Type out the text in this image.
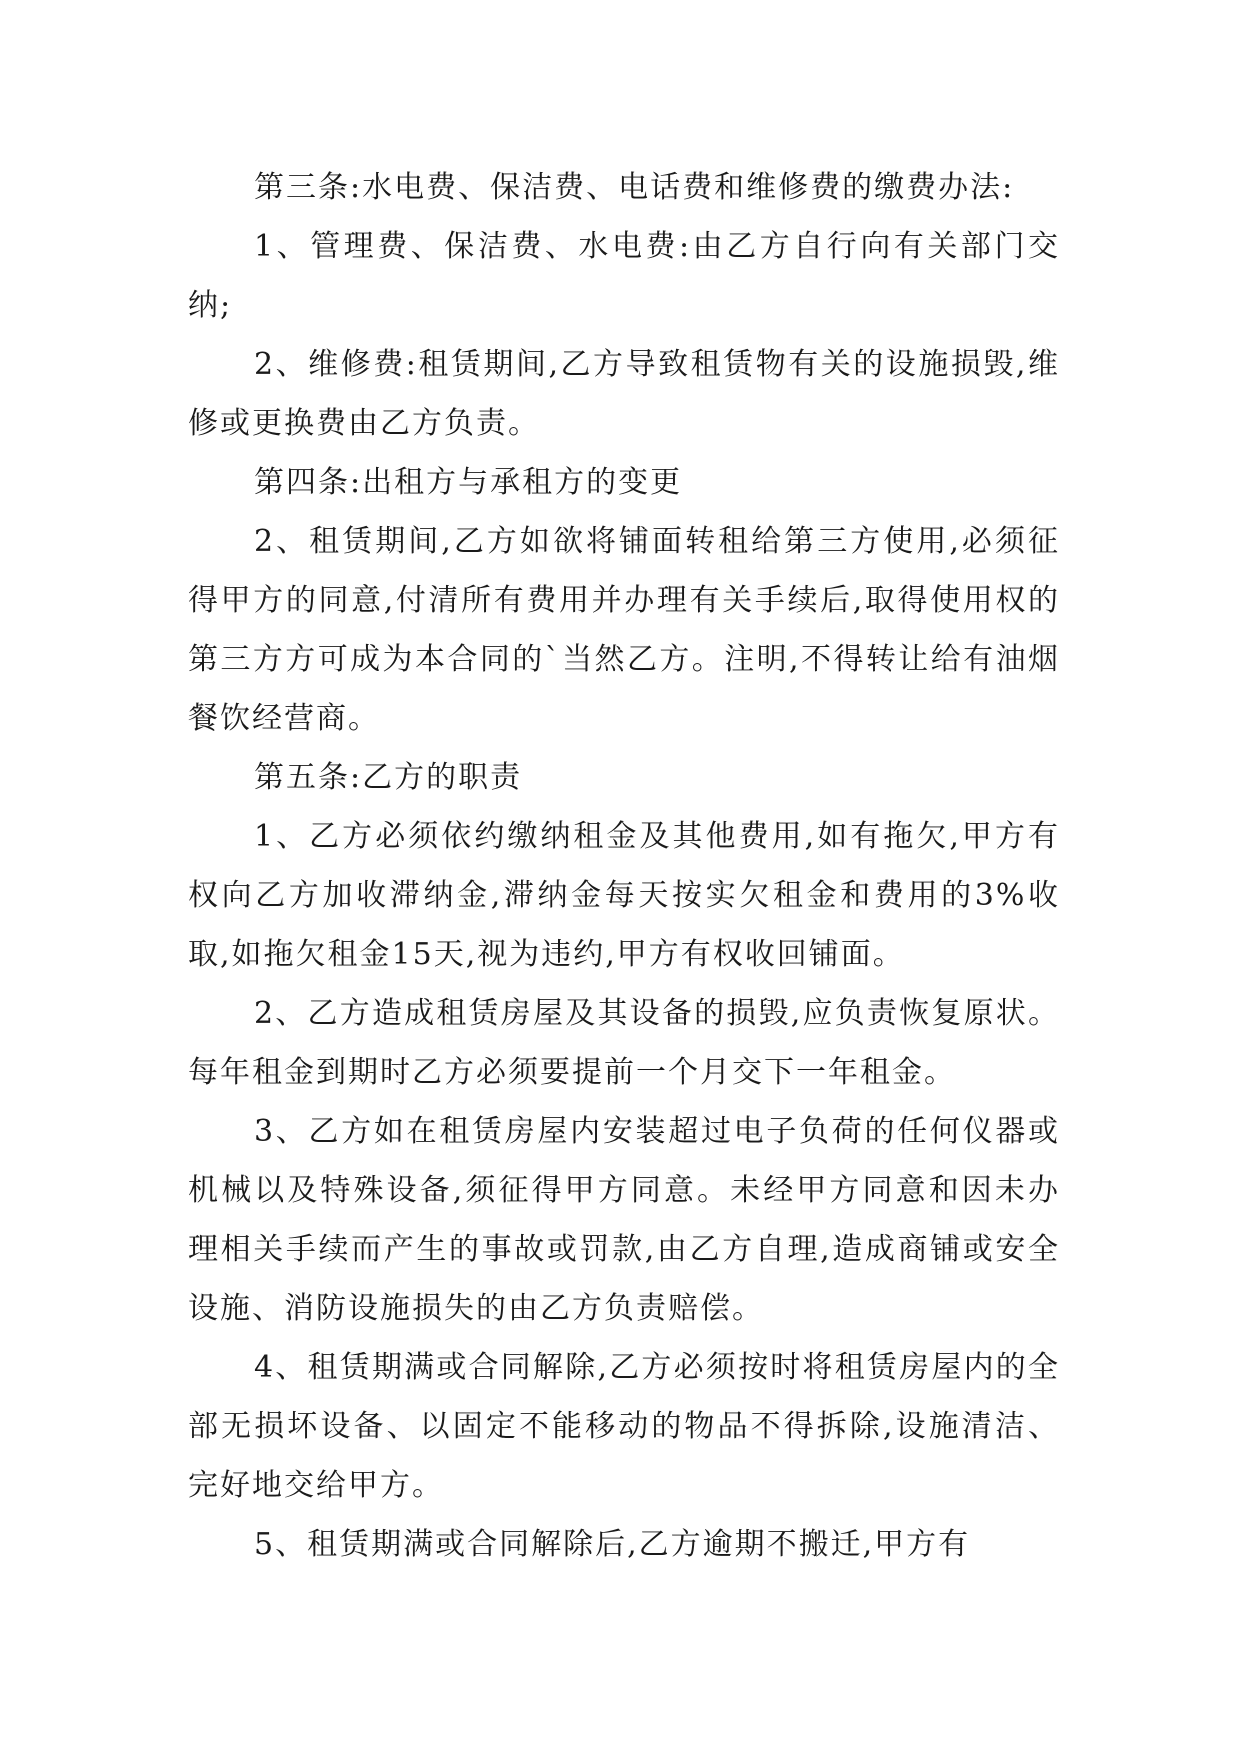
第三条:水电费、保洁费、电话费和维修费的缴费办法:

1、管理费、保洁费、水电费:由乙方自行向有关部门交纳;

2、维修费:租赁期间,乙方导致租赁物有关的设施损毁,维修或更换费由乙方负责。

第四条:出租方与承租方的变更

2、租赁期间,乙方如欲将铺面转租给第三方使用,必须征得甲方的同意,付清所有费用并办理有关手续后,取得使用权的第三方方可成为本合同的`当然乙方。注明,不得转让给有油烟餐饮经营商。

第五条:乙方的职责

1、乙方必须依约缴纳租金及其他费用,如有拖欠,甲方有权向乙方加收滞纳金,滞纳金每天按实欠租金和费用的3%收取,如拖欠租金15天,视为违约,甲方有权收回铺面。

2、乙方造成租赁房屋及其设备的损毁,应负责恢复原状。每年租金到期时乙方必须要提前一个月交下一年租金。

3、乙方如在租赁房屋内安装超过电子负荷的任何仪器或机械以及特殊设备,须征得甲方同意。未经甲方同意和因未办理相关手续而产生的事故或罚款,由乙方自理,造成商铺或安全设施、消防设施损失的由乙方负责赔偿。

4、租赁期满或合同解除,乙方必须按时将租赁房屋内的全部无损坏设备、以固定不能移动的物品不得拆除,设施清洁、完好地交给甲方。

5、租赁期满或合同解除后,乙方逾期不搬迁,甲方有
